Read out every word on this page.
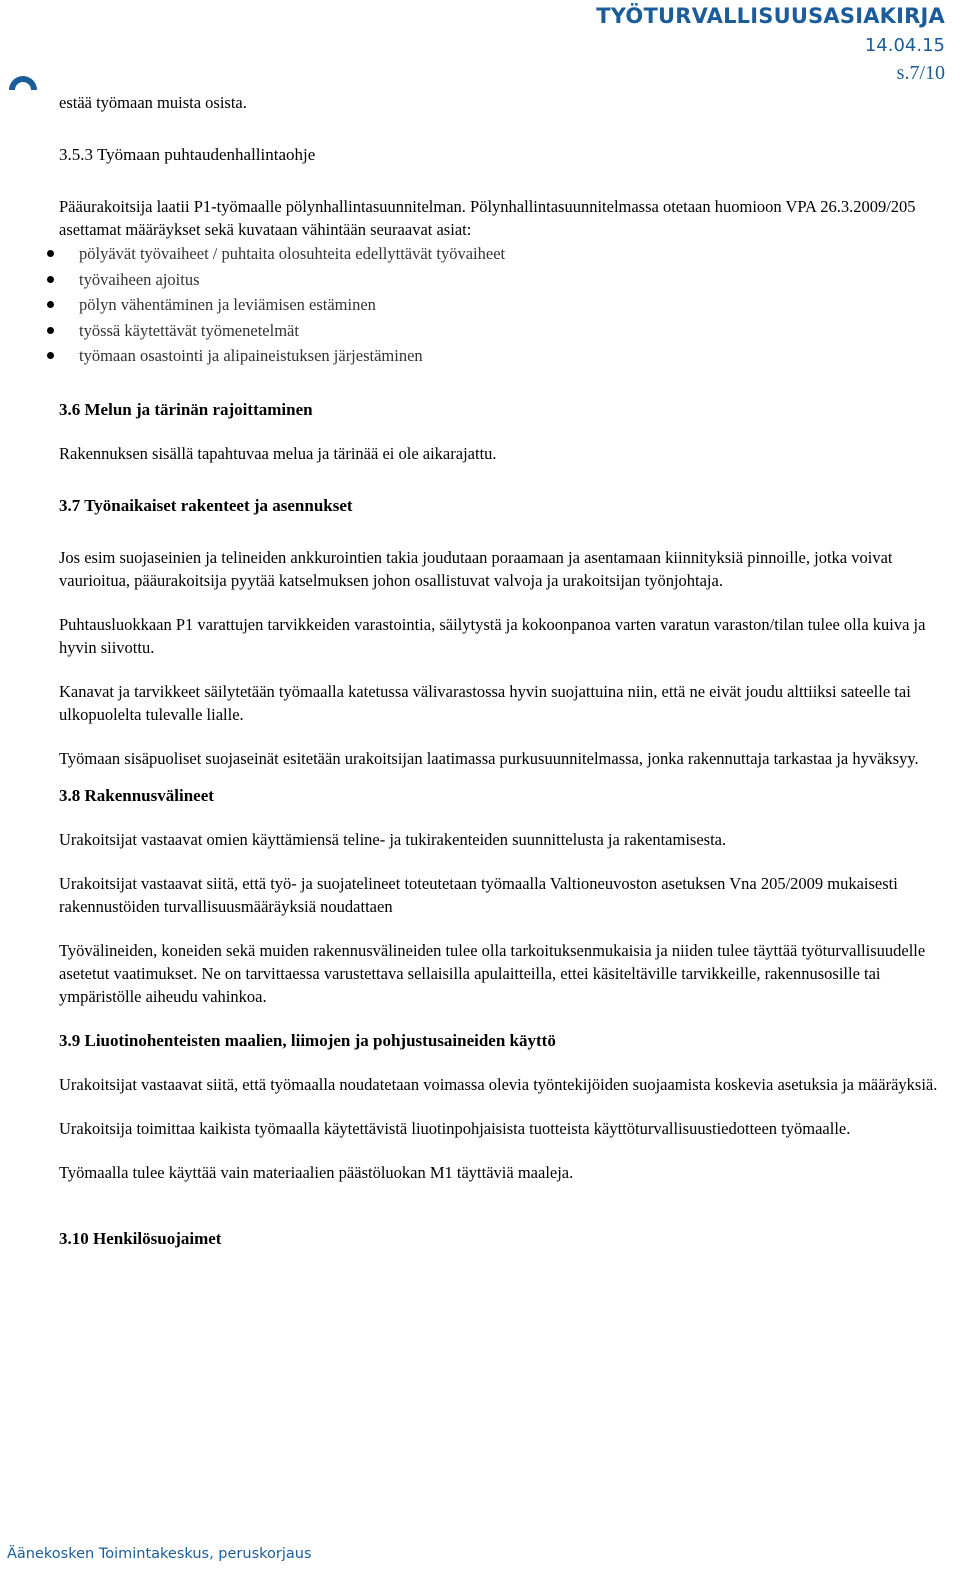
TYÖTURVALLISUUSASIAKIRJA
14.04.15
s.7/10

estää työmaan muista osista.

3.5.3 Työmaan puhtaudenhallintaohje

Pääurakoitsija laatii P1-työmaalle pölynhallintasuunnitelman. Pölynhallintasuunnitelmassa otetaan huomioon VPA 26.3.2009/205 asettamat määräykset sekä kuvataan vähintään seuraavat asiat:

pölyävät työvaiheet / puhtaita olosuhteita edellyttävät työvaiheet
työvaiheen ajoitus
pölyn vähentäminen ja leviämisen estäminen
työssä käytettävät työmenetelmät
työmaan osastointi ja alipaineistuksen järjestäminen

3.6 Melun ja tärinän rajoittaminen

Rakennuksen sisällä tapahtuvaa melua ja tärinää ei ole aikarajattu.

3.7 Työnaikaiset rakenteet ja asennukset

Jos esim suojaseinien ja telineiden ankkurointien takia joudutaan poraamaan ja asentamaan kiinnityksiä pinnoille, jotka voivat vaurioitua, pääurakoitsija pyytää katselmuksen johon osallistuvat valvoja ja urakoitsijan työnjohtaja.

Puhtausluokkaan P1 varattujen tarvikkeiden varastointia, säilytystä ja kokoonpanoa varten varatun varaston/tilan tulee olla kuiva ja hyvin siivottu.

Kanavat ja tarvikkeet säilytetään työmaalla katetussa välivarastossa hyvin suojattuina niin, että ne eivät joudu alttiiksi sateelle tai ulkopuolelta tulevalle lialle.

Työmaan sisäpuoliset suojaseinät esitetään urakoitsijan laatimassa purkusuunnitelmassa, jonka rakennuttaja tarkastaa ja hyväksyy.

3.8 Rakennusvälineet

Urakoitsijat vastaavat omien käyttämiensä teline- ja tukirakenteiden suunnittelusta ja rakentamisesta.

Urakoitsijat vastaavat siitä, että työ- ja suojatelineet toteutetaan työmaalla Valtioneuvoston asetuksen Vna 205/2009 mukaisesti rakennustöiden turvallisuusmääräyksiä noudattaen

Työvälineiden, koneiden sekä muiden rakennusvälineiden tulee olla tarkoituksenmukaisia ja niiden tulee täyttää työturvallisuudelle asetetut vaatimukset. Ne on tarvittaessa varustettava sellaisilla apulaitteilla, ettei käsiteltäville tarvikkeille, rakennusosille tai ympäristölle aiheudu vahinkoa.

3.9 Liuotinohenteisten maalien, liimojen ja pohjustusaineiden käyttö

Urakoitsijat vastaavat siitä, että työmaalla noudatetaan voimassa olevia työntekijöiden suojaamista koskevia asetuksia ja määräyksiä.

Urakoitsija toimittaa kaikista työmaalla käytettävistä liuotinpohjaisista tuotteista käyttöturvallisuustiedotteen työmaalle.

Työmaalla tulee käyttää vain materiaalien päästöluokan M1 täyttäviä maaleja.

3.10 Henkilösuojaimet

Äänekosken Toimintakeskus, peruskorjaus
